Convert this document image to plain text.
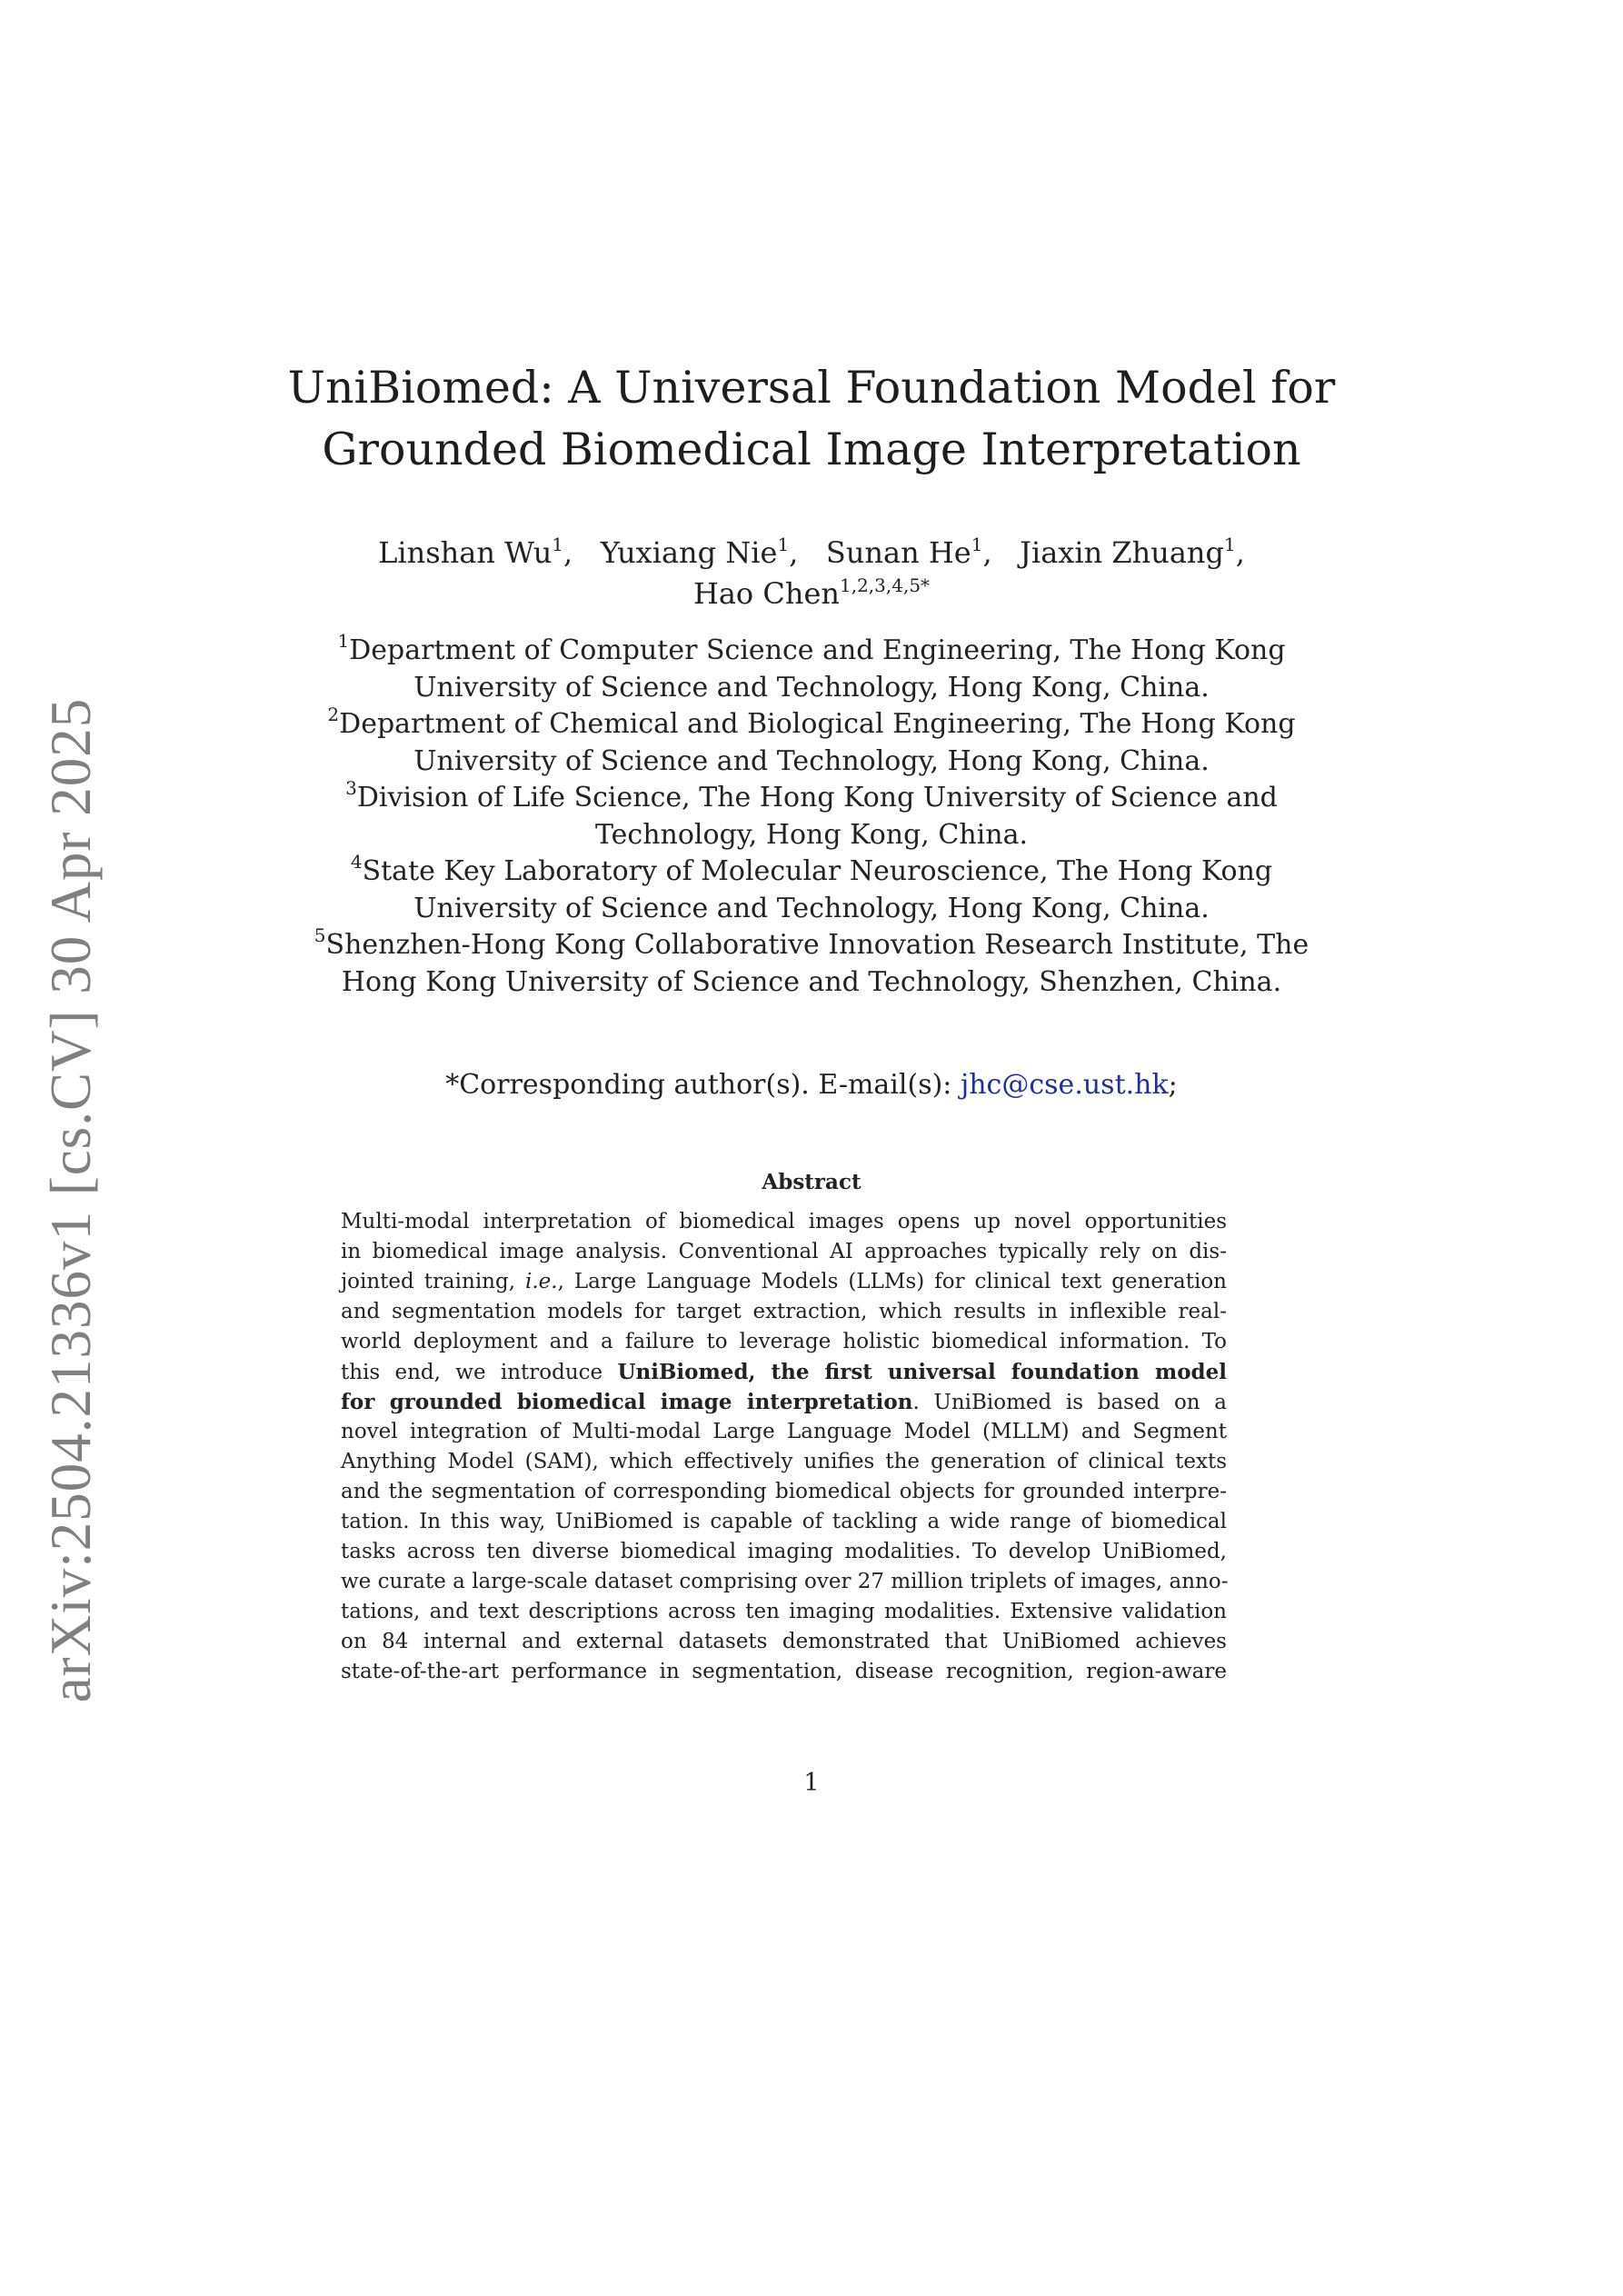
arXiv:2504.21336v1 [cs.CV] 30 Apr 2025
UniBiomed: A Universal Foundation Model for
Grounded Biomedical Image Interpretation
Linshan Wu$^1$,   Yuxiang Nie$^1$,   Sunan He$^1$,   Jiaxin Zhuang$^1$,
Hao Chen$^{1,2,3,4,5*}$
$^1$Department of Computer Science and Engineering, The Hong Kong
University of Science and Technology, Hong Kong, China.
$^2$Department of Chemical and Biological Engineering, The Hong Kong
University of Science and Technology, Hong Kong, China.
$^3$Division of Life Science, The Hong Kong University of Science and
Technology, Hong Kong, China.
$^4$State Key Laboratory of Molecular Neuroscience, The Hong Kong
University of Science and Technology, Hong Kong, China.
$^5$Shenzhen-Hong Kong Collaborative Innovation Research Institute, The
Hong Kong University of Science and Technology, Shenzhen, China.
*Corresponding author(s). E-mail(s): jhc@cse.ust.hk;
Abstract
Multi-modal interpretation of biomedical images opens up novel opportunities
in biomedical image analysis. Conventional AI approaches typically rely on dis-
jointed training, i.e., Large Language Models (LLMs) for clinical text generation
and segmentation models for target extraction, which results in inflexible real-
world deployment and a failure to leverage holistic biomedical information. To
this end, we introduce UniBiomed, the first universal foundation model
for grounded biomedical image interpretation. UniBiomed is based on a
novel integration of Multi-modal Large Language Model (MLLM) and Segment
Anything Model (SAM), which effectively unifies the generation of clinical texts
and the segmentation of corresponding biomedical objects for grounded interpre-
tation. In this way, UniBiomed is capable of tackling a wide range of biomedical
tasks across ten diverse biomedical imaging modalities. To develop UniBiomed,
we curate a large-scale dataset comprising over 27 million triplets of images, anno-
tations, and text descriptions across ten imaging modalities. Extensive validation
on 84 internal and external datasets demonstrated that UniBiomed achieves
state-of-the-art performance in segmentation, disease recognition, region-aware
1
